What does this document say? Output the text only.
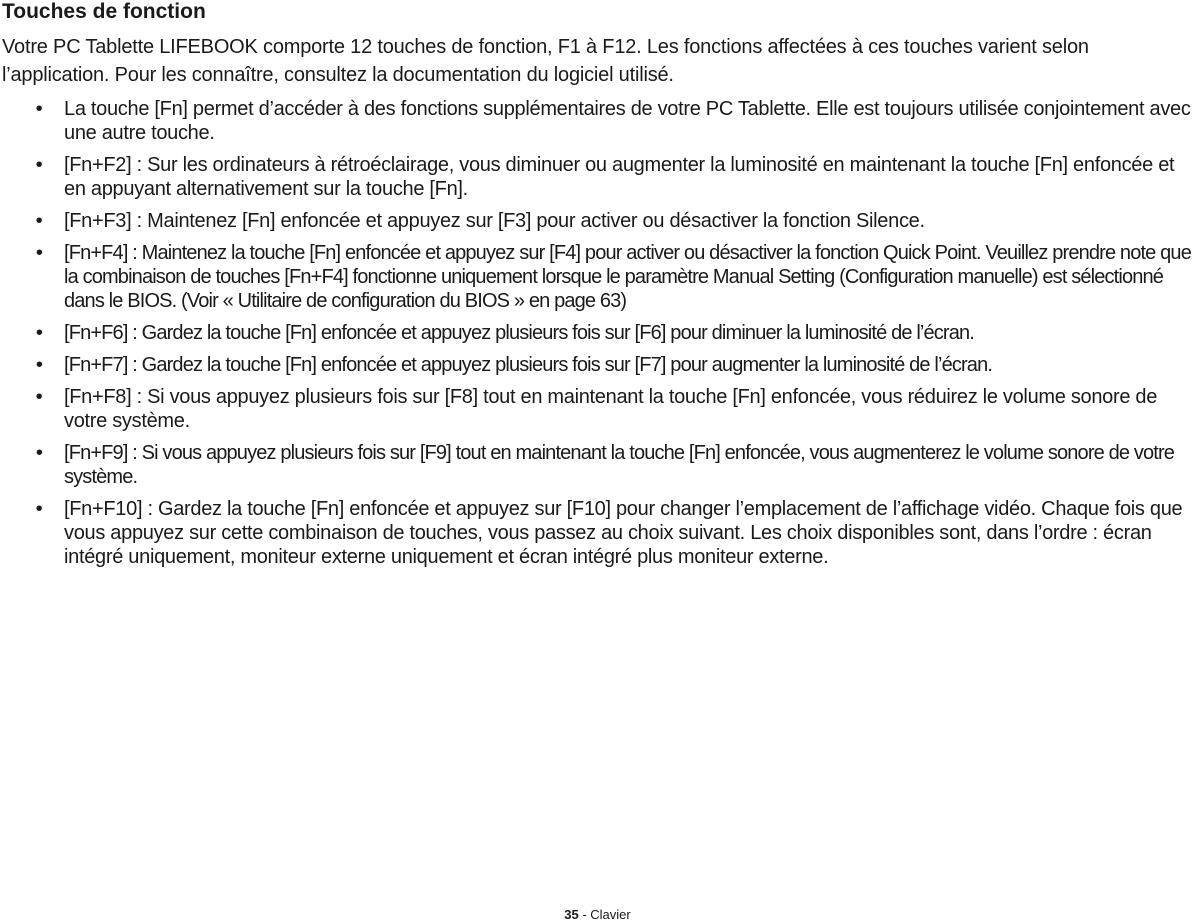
Touches de fonction

Votre PC Tablette LIFEBOOK comporte 12 touches de fonction, F1 à F12. Les fonctions affectées à ces touches varient selon l’application. Pour les connaître, consultez la documentation du logiciel utilisé.

• La touche [Fn] permet d’accéder à des fonctions supplémentaires de votre PC Tablette. Elle est toujours utilisée conjointement avec une autre touche.
• [Fn+F2] : Sur les ordinateurs à rétroéclairage, vous diminuer ou augmenter la luminosité en maintenant la touche [Fn] enfoncée et en appuyant alternativement sur la touche [Fn].
• [Fn+F3] : Maintenez [Fn] enfoncée et appuyez sur [F3] pour activer ou désactiver la fonction Silence.
• [Fn+F4] : Maintenez la touche [Fn] enfoncée et appuyez sur [F4] pour activer ou désactiver la fonction Quick Point. Veuillez prendre note que la combinaison de touches [Fn+F4] fonctionne uniquement lorsque le paramètre Manual Setting (Configuration manuelle) est sélectionné dans le BIOS. (Voir « Utilitaire de configuration du BIOS » en page 63)
• [Fn+F6] : Gardez la touche [Fn] enfoncée et appuyez plusieurs fois sur [F6] pour diminuer la luminosité de l’écran.
• [Fn+F7] : Gardez la touche [Fn] enfoncée et appuyez plusieurs fois sur [F7] pour augmenter la luminosité de l’écran.
• [Fn+F8] : Si vous appuyez plusieurs fois sur [F8] tout en maintenant la touche [Fn] enfoncée, vous réduirez le volume sonore de votre système.
• [Fn+F9] : Si vous appuyez plusieurs fois sur [F9] tout en maintenant la touche [Fn] enfoncée, vous augmenterez le volume sonore de votre système.
• [Fn+F10] : Gardez la touche [Fn] enfoncée et appuyez sur [F10] pour changer l’emplacement de l’affichage vidéo. Chaque fois que vous appuyez sur cette combinaison de touches, vous passez au choix suivant. Les choix disponibles sont, dans l’ordre : écran intégré uniquement, moniteur externe uniquement et écran intégré plus moniteur externe.
35 - Clavier
